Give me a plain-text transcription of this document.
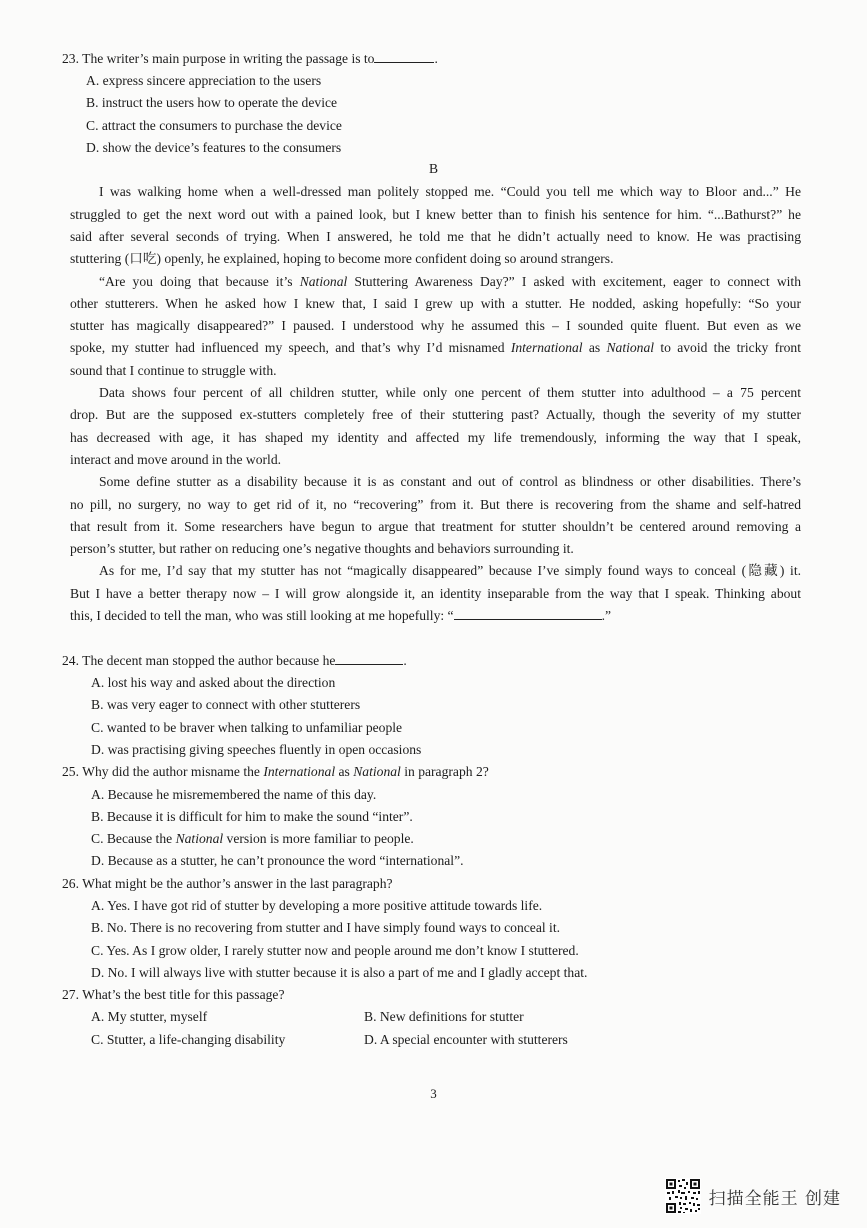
23. The writer’s main purpose in writing the passage is to	.
A. express sincere appreciation to the users
B. instruct the users how to operate the device
C. attract the consumers to purchase the device
D. show the device’s features to the consumers
B
I was walking home when a well-dressed man politely stopped me. “Could you tell me which way to Bloor and...” He
struggled to get the next word out with a pained look, but I knew better than to finish his sentence for him. “...Bathurst?” he
said after several seconds of trying. When I answered, he told me that he didn’t actually need to know. He was practising
stuttering (口吃) openly, he explained, hoping to become more confident doing so around strangers.
“Are you doing that because it’s National Stuttering Awareness Day?” I asked with excitement, eager to connect with
other stutterers. When he asked how I knew that, I said I grew up with a stutter. He nodded, asking hopefully: “So your
stutter has magically disappeared?” I paused. I understood why he assumed this – I sounded quite fluent. But even as we
spoke, my stutter had influenced my speech, and that’s why I’d misnamed International as National to avoid the tricky front
sound that I continue to struggle with.
Data shows four percent of all children stutter, while only one percent of them stutter into adulthood – a 75 percent
drop. But are the supposed ex-stutters completely free of their stuttering past? Actually, though the severity of my stutter
has decreased with age, it has shaped my identity and affected my life tremendously, informing the way that I speak,
interact and move around in the world.
Some define stutter as a disability because it is as constant and out of control as blindness or other disabilities. There’s
no pill, no surgery, no way to get rid of it, no “recovering” from it. But there is recovering from the shame and self-hatred
that result from it. Some researchers have begun to argue that treatment for stutter shouldn’t be centered around removing a
person’s stutter, but rather on reducing one’s negative thoughts and behaviors surrounding it.
As for me, I’d say that my stutter has not “magically disappeared” because I’ve simply found ways to conceal (隐藏) it.
But I have a better therapy now – I will grow alongside it, an identity inseparable from the way that I speak. Thinking about
this, I decided to tell the man, who was still looking at me hopefully: “	.”
24. The decent man stopped the author because he	.
A. lost his way and asked about the direction
B. was very eager to connect with other stutterers
C. wanted to be braver when talking to unfamiliar people
D. was practising giving speeches fluently in open occasions
25. Why did the author misname the International as National in paragraph 2?
A. Because he misremembered the name of this day.
B. Because it is difficult for him to make the sound “inter”.
C. Because the National version is more familiar to people.
D. Because as a stutter, he can’t pronounce the word “international”.
26. What might be the author’s answer in the last paragraph?
A. Yes. I have got rid of stutter by developing a more positive attitude towards life.
B. No. There is no recovering from stutter and I have simply found ways to conceal it.
C. Yes. As I grow older, I rarely stutter now and people around me don’t know I stuttered.
D. No. I will always live with stutter because it is also a part of me and I gladly accept that.
27. What’s the best title for this passage?
A. My stutter, myself	B. New definitions for stutter
C. Stutter, a life-changing disability	D. A special encounter with stutterers
3
扫描全能王 创建
